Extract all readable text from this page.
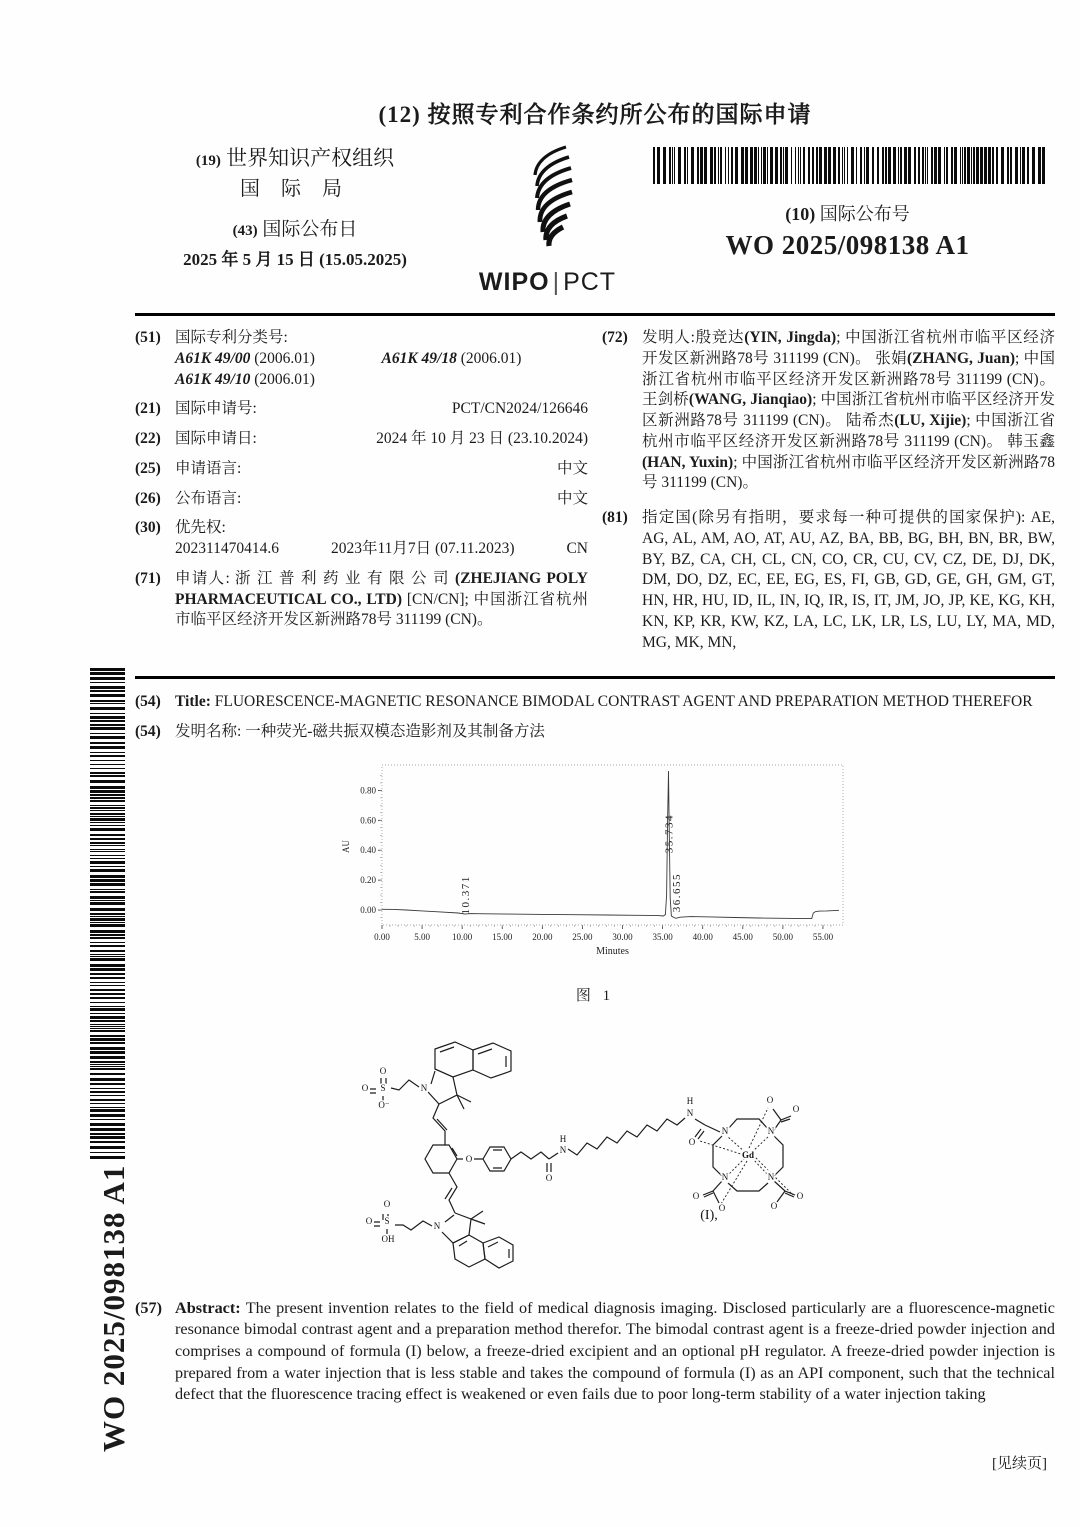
WO 2025/098138 A1
(12) 按照专利合作条约所公布的国际申请
(19) 世界知识产权组织
国 际 局
(43) 国际公布日
2025 年 5 月 15 日 (15.05.2025)
WIPO | PCT
(10) 国际公布号
WO 2025/098138 A1
(51) 国际专利分类号:
A61K 49/00 (2006.01)	A61K 49/18 (2006.01)
A61K 49/10 (2006.01)
(21) 国际申请号:	PCT/CN2024/126646
(22) 国际申请日:	2024 年 10 月 23 日 (23.10.2024)
(25) 申请语言:	中文
(26) 公布语言:	中文
(30) 优先权:
202311470414.6	2023年11月7日 (07.11.2023)	CN
(71) 申请人: 浙 江 普 利 药 业 有 限 公 司 (ZHEJIANG POLY PHARMACEUTICAL CO., LTD) [CN/CN]; 中国浙江省杭州市临平区经济开发区新洲路78号 311199 (CN)。
(72) 发明人:殷竞达(YIN, Jingda); 中国浙江省杭州市临平区经济开发区新洲路78号 311199 (CN)。 张娟(ZHANG, Juan); 中国浙江省杭州市临平区经济开发区新洲路78号 311199 (CN)。 王剑桥(WANG, Jianqiao); 中国浙江省杭州市临平区经济开发区新洲路78号 311199 (CN)。 陆希杰(LU, Xijie); 中国浙江省杭州市临平区经济开发区新洲路78号 311199 (CN)。 韩玉鑫(HAN, Yuxin); 中国浙江省杭州市临平区经济开发区新洲路78号 311199 (CN)。
(81) 指定国(除另有指明，要求每一种可提供的国家保护): AE, AG, AL, AM, AO, AT, AU, AZ, BA, BB, BG, BH, BN, BR, BW, BY, BZ, CA, CH, CL, CN, CO, CR, CU, CV, CZ, DE, DJ, DK, DM, DO, DZ, EC, EE, EG, ES, FI, GB, GD, GE, GH, GM, GT, HN, HR, HU, ID, IL, IN, IQ, IR, IS, IT, JM, JO, JP, KE, KG, KH, KN, KP, KR, KW, KZ, LA, LC, LK, LR, LS, LU, LY, MA, MD, MG, MK, MN,
(54) Title: FLUORESCENCE-MAGNETIC RESONANCE BIMODAL CONTRAST AGENT AND PREPARATION METHOD THEREFOR
(54) 发明名称: 一种荧光-磁共振双模态造影剂及其制备方法
0.00
0.20
0.40
0.60
0.80
0.00	5.00 10.00 15.00 20.00 25.00 30.00 35.00 40.00 45.00 50.00 55.00
Minutes
AU
10.371
35.734
36.655
图 1
O
S
O
O⁻
N
O
O
H
N
H
N
O
N	N
N	N
Gd
O
O
O
O
O
O
N
O
S
O
OH
(I),
(57) Abstract: The present invention relates to the field of medical diagnosis imaging. Disclosed particularly are a fluorescence-magnetic resonance bimodal contrast agent and a preparation method therefor. The bimodal contrast agent is a freeze-dried powder injection and comprises a compound of formula (I) below, a freeze-dried excipient and an optional pH regulator. A freeze-dried powder injection is prepared from a water injection that is less stable and takes the compound of formula (I) as an API component, such that the technical defect that the fluorescence tracing effect is weakened or even fails due to poor long-term stability of a water injection taking
[见续页]
